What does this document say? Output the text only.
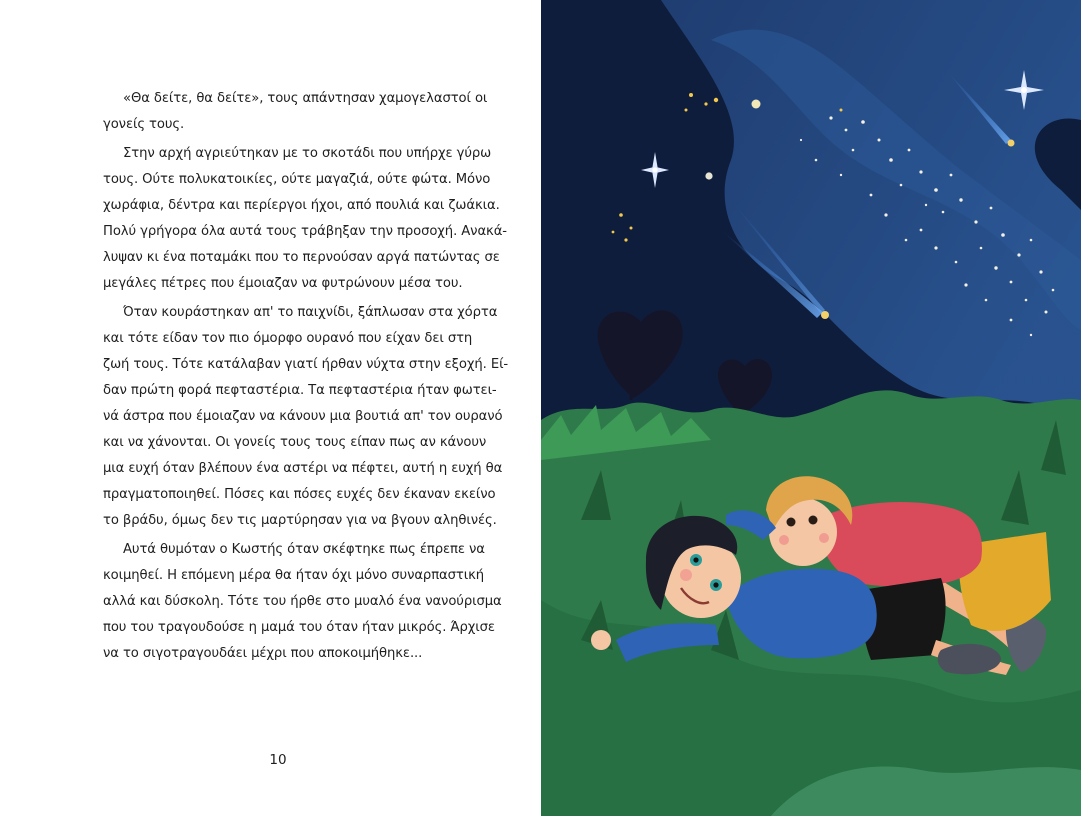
«Θα δείτε, θα δείτε», τους απάντησαν χαμογελαστοί οι
γονείς τους.
Στην αρχή αγριεύτηκαν με το σκοτάδι που υπήρχε γύρω
τους. Ούτε πολυκατοικίες, ούτε μαγαζιά, ούτε φώτα. Μόνο
χωράφια, δέντρα και περίεργοι ήχοι, από πουλιά και ζωάκια.
Πολύ γρήγορα όλα αυτά τους τράβηξαν την προσοχή. Ανακά-
λυψαν κι ένα ποταμάκι που το περνούσαν αργά πατώντας σε
μεγάλες πέτρες που έμοιαζαν να φυτρώνουν μέσα του.
Όταν κουράστηκαν απ' το παιχνίδι, ξάπλωσαν στα χόρτα
και τότε είδαν τον πιο όμορφο ουρανό που είχαν δει στη
ζωή τους. Τότε κατάλαβαν γιατί ήρθαν νύχτα στην εξοχή. Εί-
δαν πρώτη φορά πεφταστέρια. Τα πεφταστέρια ήταν φωτει-
νά άστρα που έμοιαζαν να κάνουν μια βουτιά απ' τον ουρανό
και να χάνονται. Οι γονείς τους τους είπαν πως αν κάνουν
μια ευχή όταν βλέπουν ένα αστέρι να πέφτει, αυτή η ευχή θα
πραγματοποιηθεί. Πόσες και πόσες ευχές δεν έκαναν εκείνο
το βράδυ, όμως δεν τις μαρτύρησαν για να βγουν αληθινές.
Αυτά θυμόταν ο Κωστής όταν σκέφτηκε πως έπρεπε να
κοιμηθεί. Η επόμενη μέρα θα ήταν όχι μόνο συναρπαστική
αλλά και δύσκολη. Τότε του ήρθε στο μυαλό ένα νανούρισμα
που του τραγουδούσε η μαμά του όταν ήταν μικρός. Άρχισε
να το σιγοτραγουδάει μέχρι που αποκοιμήθηκε...
10
